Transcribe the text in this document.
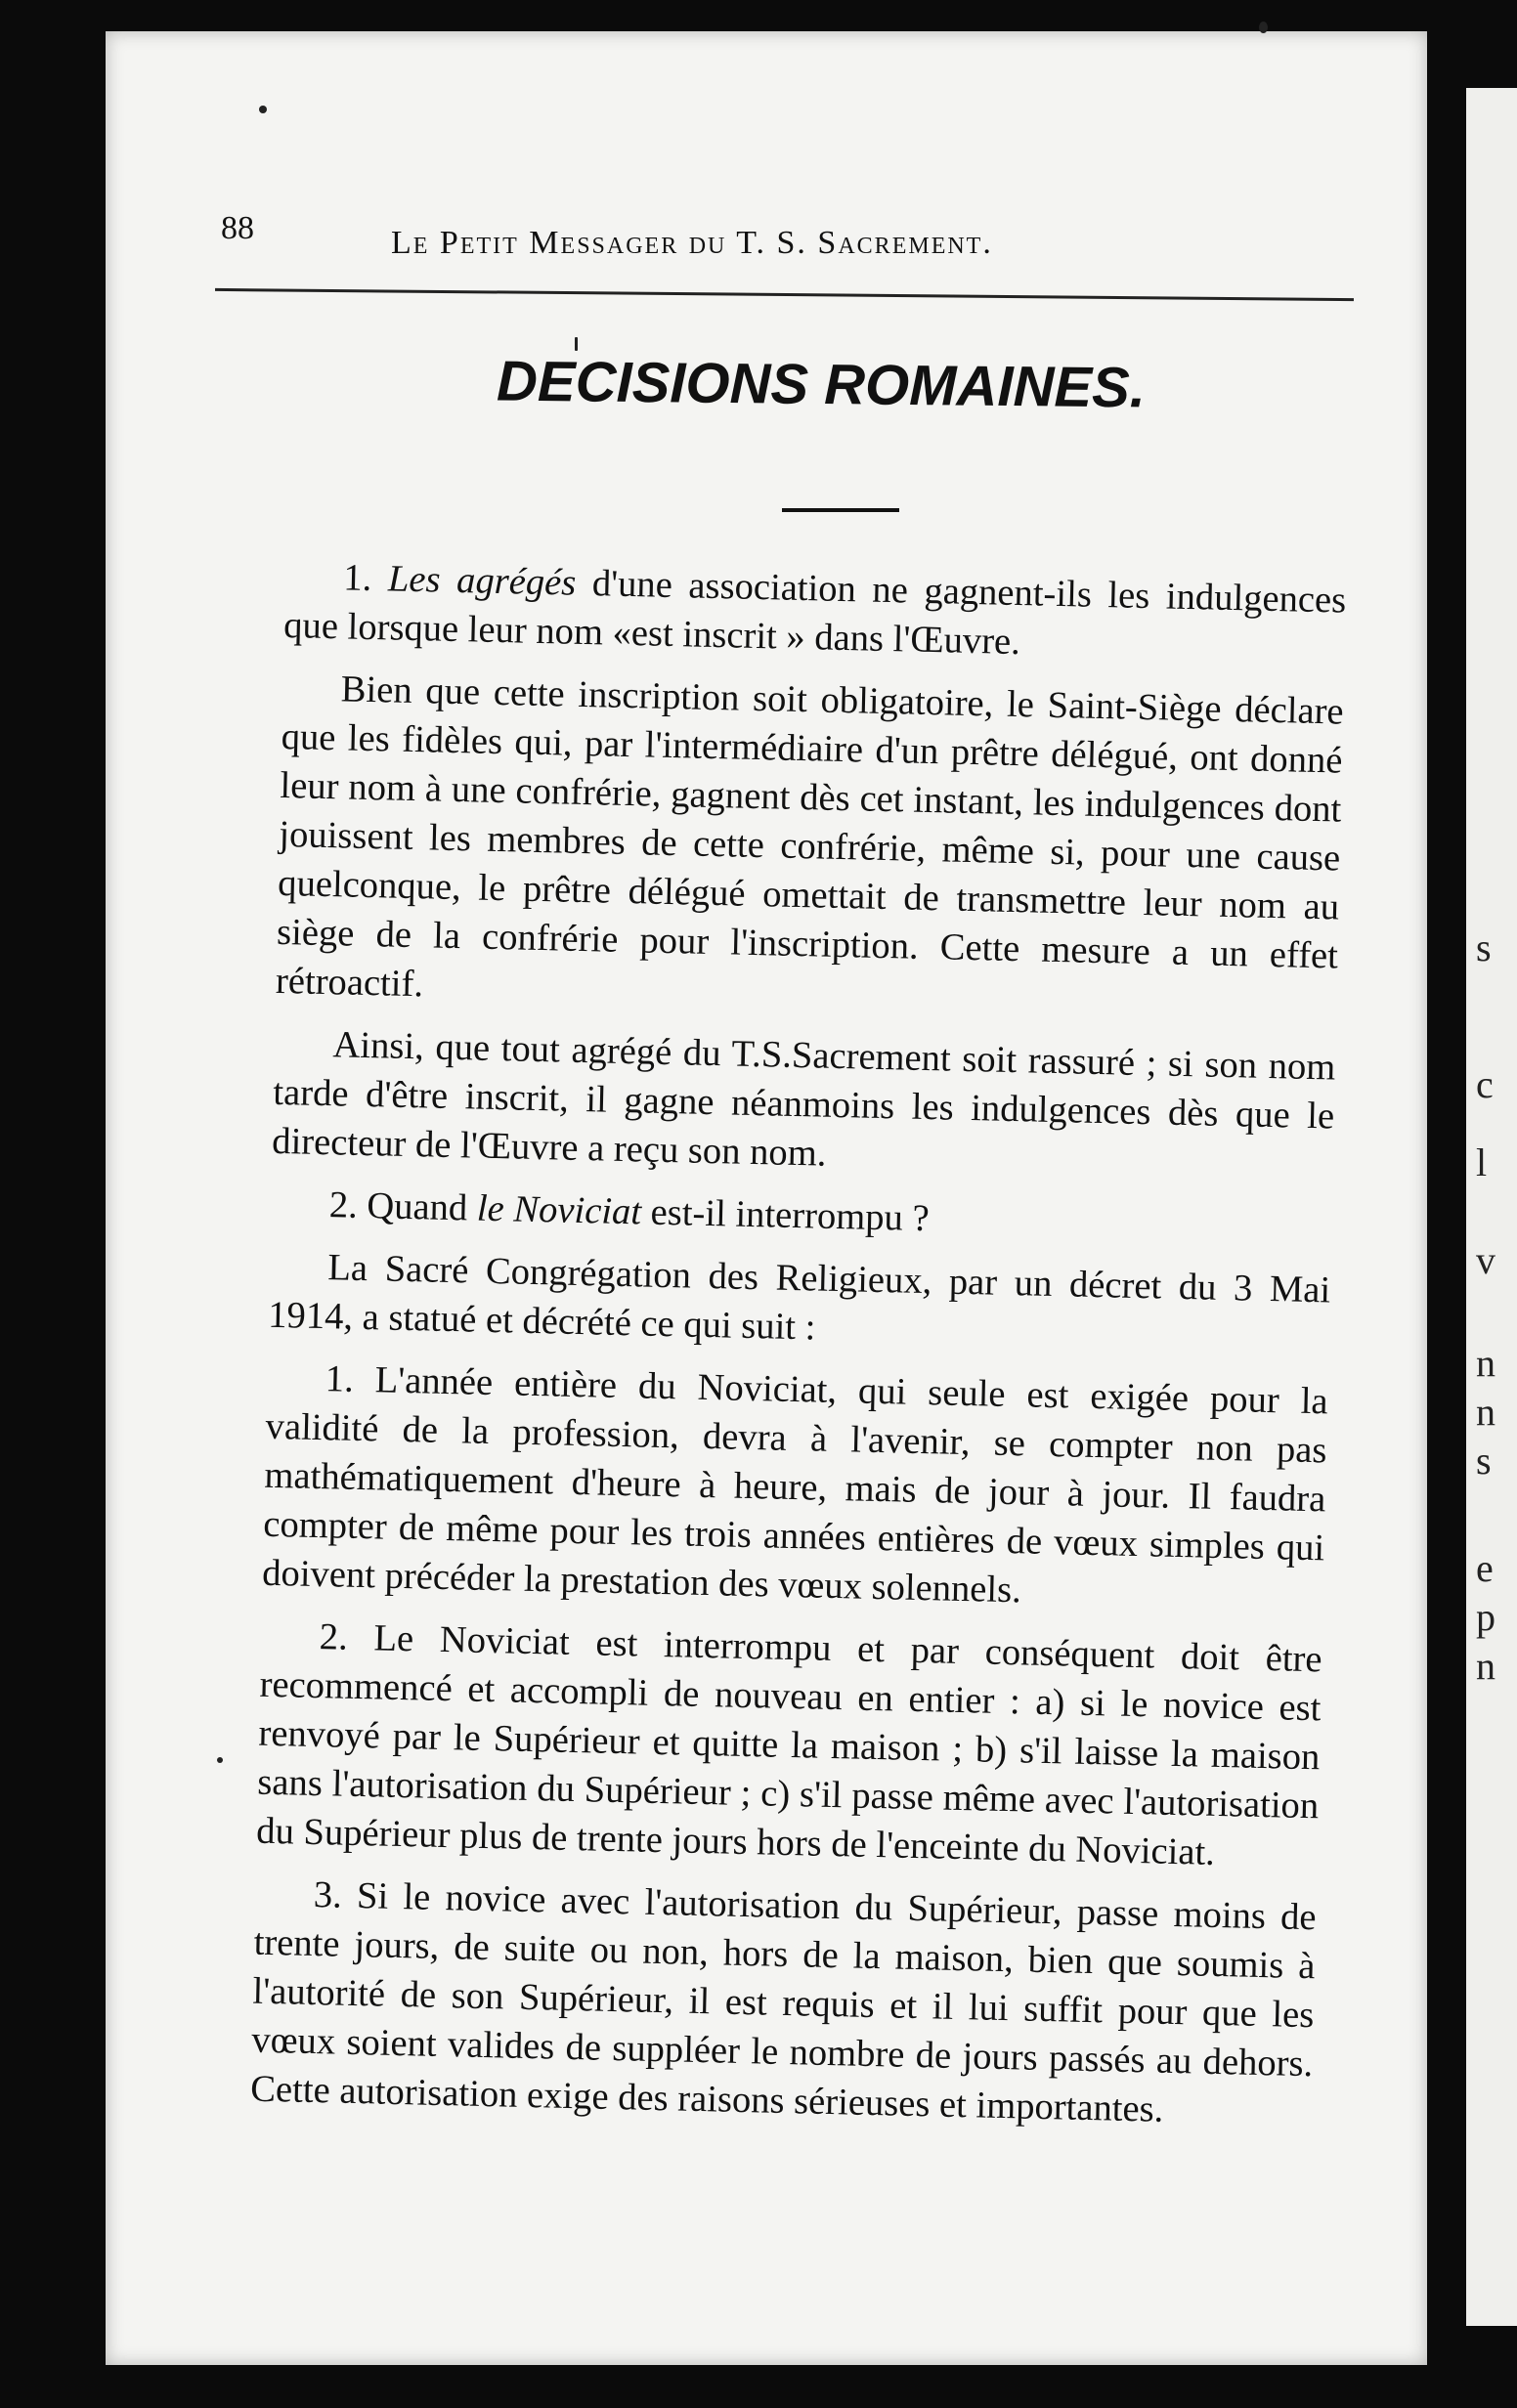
s
c
l
v
n
n
s
e
p
n
88	Le Petit Messager du T. S. Sacrement.
DECISIONS ROMAINES.

1. Les agrégés d'une association ne gagnent-ils les indulgences que lorsque leur nom «est inscrit » dans l'Œuvre.

Bien que cette inscription soit obligatoire, le Saint-Siège déclare que les fidèles qui, par l'intermédiaire d'un prêtre délégué, ont donné leur nom à une confrérie, gagnent dès cet instant, les indulgences dont jouissent les membres de cette confrérie, même si, pour une cause quelconque, le prêtre délégué omettait de transmettre leur nom au siège de la confrérie pour l'inscription. Cette mesure a un effet rétroactif.

Ainsi, que tout agrégé du T.S.Sacrement soit rassuré ; si son nom tarde d'être inscrit, il gagne néanmoins les indulgences dès que le directeur de l'Œuvre a reçu son nom.

2. Quand le Noviciat est-il interrompu ?

La Sacré Congrégation des Religieux, par un décret du 3 Mai 1914, a statué et décrété ce qui suit :

1. L'année entière du Noviciat, qui seule est exigée pour la validité de la profession, devra à l'avenir, se compter non pas mathématiquement d'heure à heure, mais de jour à jour. Il faudra compter de même pour les trois années entières de vœux simples qui doivent précéder la prestation des vœux solennels.

2. Le Noviciat est interrompu et par conséquent doit être recommencé et accompli de nouveau en entier : a) si le novice est renvoyé par le Supérieur et quitte la maison ; b) s'il laisse la maison sans l'autorisation du Supérieur ; c) s'il passe même avec l'autorisation du Supérieur plus de trente jours hors de l'enceinte du Noviciat.

3. Si le novice avec l'autorisation du Supérieur, passe moins de trente jours, de suite ou non, hors de la maison, bien que soumis à l'autorité de son Supérieur, il est requis et il lui suffit pour que les vœux soient valides de suppléer le nombre de jours passés au dehors. Cette autorisation exige des raisons sérieuses et importantes.
